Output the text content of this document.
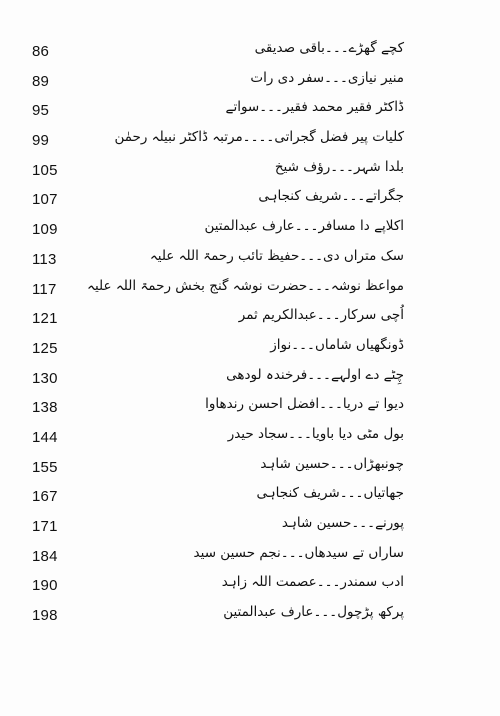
86	کچے گھڑے۔۔۔باقی صدیقی
89	منیر نیازی۔۔۔سفر دی رات
95	ڈاکٹر فقیر محمد فقیر۔۔۔سواتے
99	کلیات پیر فضل گجراتی۔۔۔۔مرتبہ ڈاکٹر نبیلہ رحمٰن
105	بلدا شہر۔۔۔رؤف شیخ
107	جگراتے۔۔۔شریف کنجاہی
109	اکلاپے دا مسافر۔۔۔عارف عبدالمتین
113	سک متراں دی۔۔۔حفیظ تائب رحمۃ اللہ علیہ
117 مواعظ نوشہ۔۔۔حضرت نوشہ گنج بخش رحمۃ اللہ علیہ
121	اُچی سرکار۔۔۔عبدالکریم ثمر
125	ڈونگھیاں شاماں۔۔۔نواز
130	چِٹے دے اولہے۔۔۔فرخندہ لودھی
138	دیوا تے دریا۔۔۔افضل احسن رندھاوا
144	بول مٹی دیا باویا۔۔۔سجاد حیدر
155	چونبھڑاں۔۔۔حسین شاہد
167	جھاتیاں۔۔۔شریف کنجاہی
171	پورنے۔۔۔حسین شاہد
184	ساراں تے سیدھاں۔۔۔نجم حسین سید
190	ادب سمندر۔۔۔عصمت اللہ زاہد
198	پرکھ پڑچول۔۔۔عارف عبدالمتین
